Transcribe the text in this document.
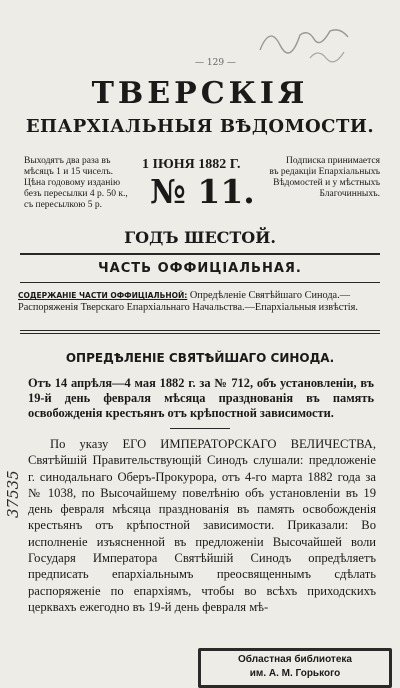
— 129 —
ТВЕРСКІЯ
ЕПАРХІАЛЬНЫЯ ВѢДОМОСТИ.
Выходятъ два раза въ
мѣсяцъ 1 и 15 чиселъ.
Цѣна годовому изданію
безъ пересылки 4 р. 50 к.,
съ пересылкою 5 р.
1 ІЮНЯ 1882 Г.
№ 11.
Подписка принимается
въ редакціи Епархіальныхъ
Вѣдомостей и у мѣстныхъ
Благочинныхъ.
ГОДЪ ШЕСТОЙ.
ЧАСТЬ ОФФИЦІАЛЬНАЯ.
СОДЕРЖАНІЕ ЧАСТИ ОФФИЦІАЛЬНОЙ: Опредѣленіе Святѣйшаго Синода.— Распоряженія Тверскаго Епархіальнаго Начальства.—Епархіальныя извѣстія.
ОПРЕДѢЛЕНІЕ СВЯТѢЙШАГО СИНОДА.
Отъ 14 апрѣля—4 мая 1882 г. за № 712, объ установленіи, въ 19-й день февраля мѣсяца празднованія въ память освобожденія крестьянъ отъ крѣпостной зависимости.

По указу ЕГО ИМПЕРАТОРСКАГО ВЕЛИЧЕСТВА, Святѣйшій Правительствующій Синодъ слушали: предложеніе г. синодальнаго Оберъ-Прокурора, отъ 4-го марта 1882 года за № 1038, по Высочайшему повелѣнію объ установленіи въ 19 день февраля мѣсяца празднованія въ память освобожденія крестьянъ отъ крѣпостной зависимости. Приказали: Во исполненіе изъясненной въ предложеніи Высочайшей воли Государя Императора Святѣйшій Синодъ опредѣляетъ предписать епархіальнымъ преосвященнымъ сдѣлать распоряженіе по епархіямъ, чтобы во всѣхъ приходскихъ церквахъ ежегодно въ 19-й день февраля мѣ-

37535
Областная библиотека
им. А. М. Горького
